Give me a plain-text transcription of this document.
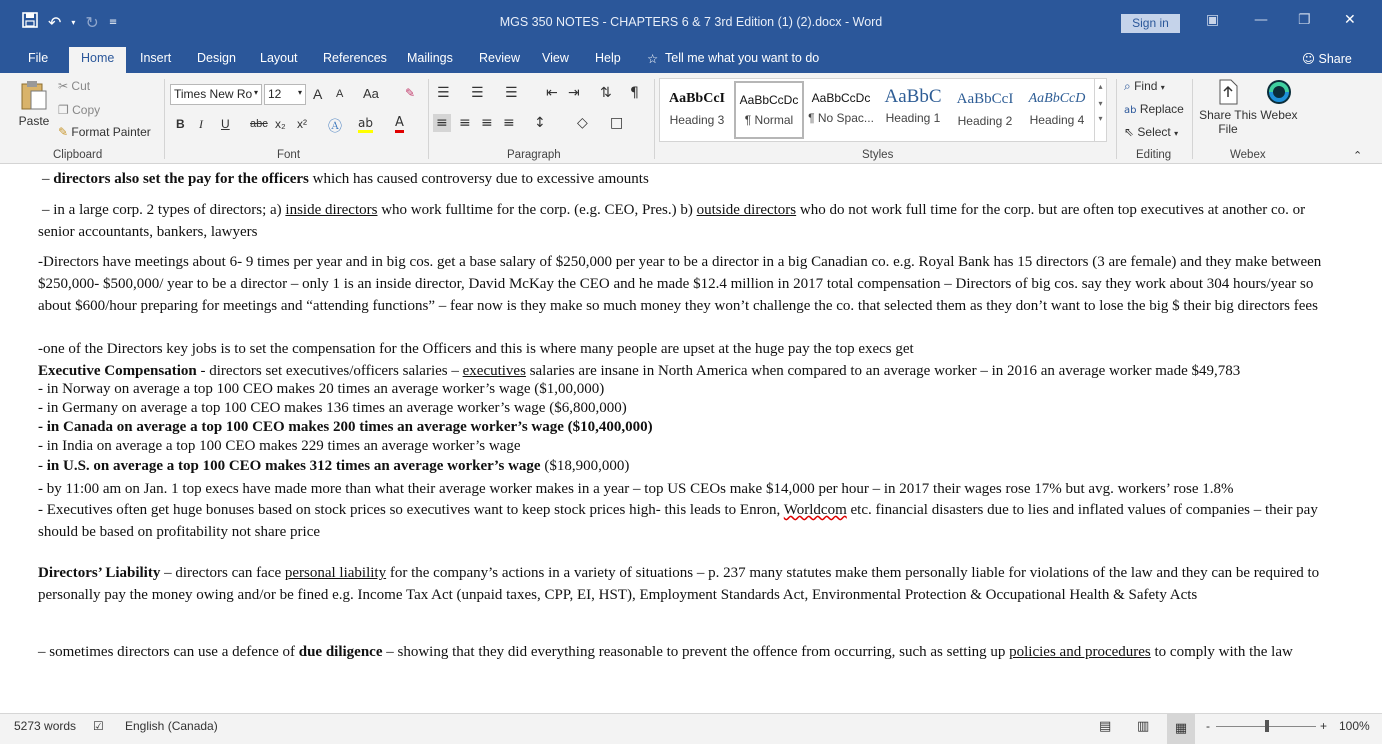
↶ ▾ ↻ ≡	MGS 350 NOTES - CHAPTERS 6 & 7 3rd Edition (1) (2).docx - Word	Sign in	▣ — ❐ ✕
File	Home	Insert Design Layout References Mailings Review View Help ☆ Tell me what you want to do	☺ Share
Paste
✂ Cut
❐ Copy
✎ Format Painter
Clipboard
Times New Ro ▾ 12 ▾ A A Aa ✎
B I U abc x₂ x² Ⓐ ab A
Font
☰ ☰ ☰ ⇤ ⇥ ⇅ ¶
≡ ≡ ≡ ≡ ↕ ◇ □
Paragraph
AaBbCcI
Heading 3
AaBbCcDc
¶ Normal
AaBbCcDc
¶ No Spac...
AaBbC
Heading 1
AaBbCcI
Heading 2
AaBbCcD
Heading 4
▴
▾
▾
Styles
⌕ Find ▾
ab Replace
⇖ Select ▾
Editing
Share This
File
Webex
Webex	⌃
– directors also set the pay for the officers which has caused controversy due to excessive amounts
– in a large corp. 2 types of directors; a) inside directors who work fulltime for the corp. (e.g. CEO, Pres.) b) outside directors who do not work full time for the corp. but are often top executives at another co. or senior accountants, bankers, lawyers
-Directors have meetings about 6- 9 times per year and in big cos. get a base salary of $250,000 per year to be a director in a big Canadian co. e.g. Royal Bank has 15 directors (3 are female) and they make between $250,000- $500,000/ year to be a director – only 1 is an inside director, David McKay the CEO and he made $12.4 million in 2017 total compensation – Directors of big cos. say they work about 304 hours/year so about $600/hour preparing for meetings and “attending functions” – fear now is they make so much money they won’t challenge the co. that selected them as they don’t want to lose the big $ their big directors fees
-one of the Directors key jobs is to set the compensation for the Officers and this is where many people are upset at the huge pay the top execs get
Executive Compensation - directors set executives/officers salaries – executives salaries are insane in North America when compared to an average worker – in 2016 an average worker made $49,783
- in Norway on average a top 100 CEO makes 20 times an average worker’s wage ($1,00,000)
- in Germany on average a top 100 CEO makes 136 times an average worker’s wage ($6,800,000)
- in Canada on average a top 100 CEO makes 200 times an average worker’s wage ($10,400,000)
- in India on average a top 100 CEO makes 229 times an average worker’s wage
- in U.S. on average a top 100 CEO makes 312 times an average worker’s wage ($18,900,000)
- by 11:00 am on Jan. 1 top execs have made more than what their average worker makes in a year – top US CEOs make $14,000 per hour – in 2017 their wages rose 17% but avg. workers’ rose 1.8%
- Executives often get huge bonuses based on stock prices so executives want to keep stock prices high- this leads to Enron, Worldcom etc. financial disasters due to lies and inflated values of companies – their pay should be based on profitability not share price
Directors’ Liability – directors can face personal liability for the company’s actions in a variety of situations – p. 237 many statutes make them personally liable for violations of the law and they can be required to personally pay the money owing and/or be fined e.g. Income Tax Act (unpaid taxes, CPP, EI, HST), Employment Standards Act, Environmental Protection & Occupational Health & Safety Acts
– sometimes directors can use a defence of due diligence – showing that they did everything reasonable to prevent the offence from occurring, such as setting up policies and procedures to comply with the law
5273 words ☑ English (Canada)	▤ ▥	▦	-	+ 100%
